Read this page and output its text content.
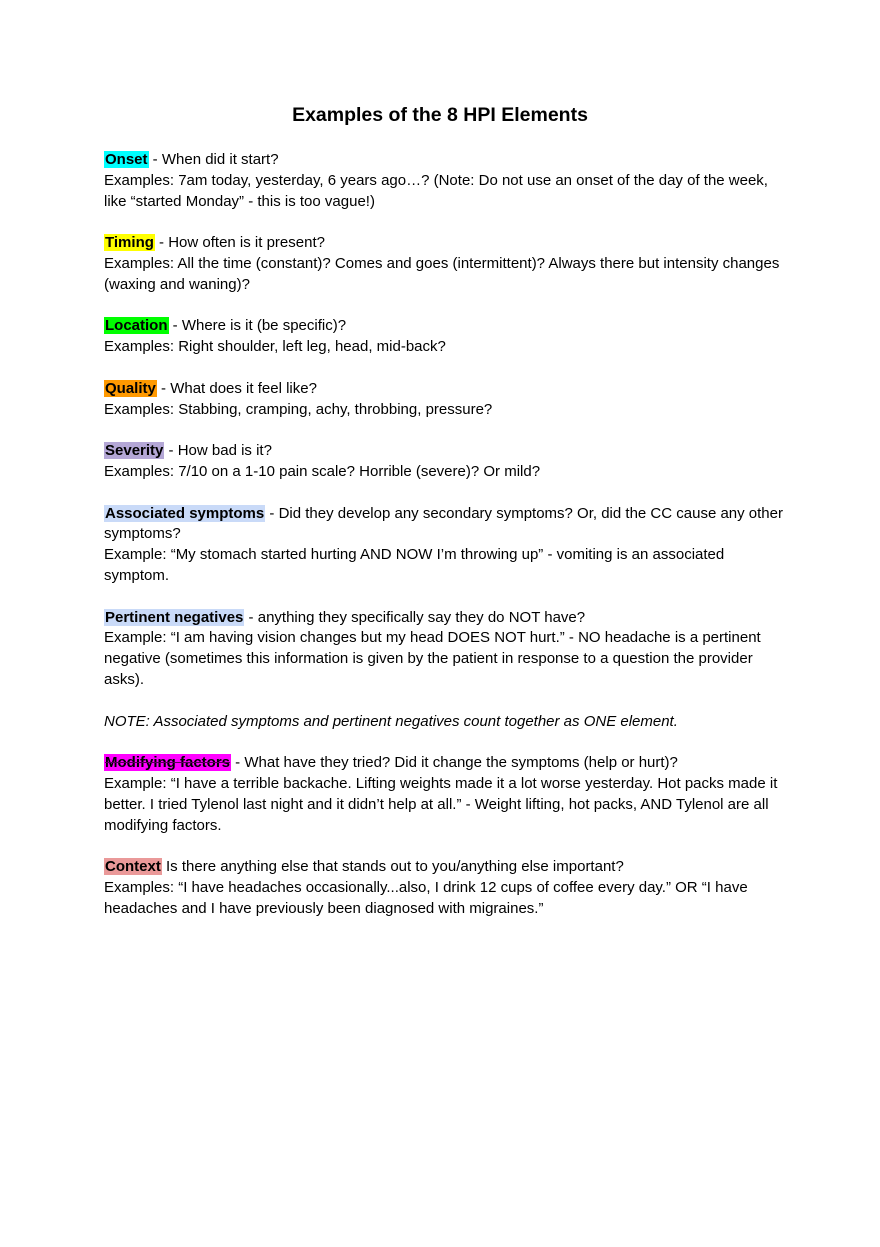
Examples of the 8 HPI Elements

Onset - When did it start?

Examples: 7am today, yesterday, 6 years ago…? (Note: Do not use an onset of the day of the week, like “started Monday” - this is too vague!)

Timing - How often is it present?

Examples: All the time (constant)? Comes and goes (intermittent)? Always there but intensity changes (waxing and waning)?

Location - Where is it (be specific)?

Examples: Right shoulder, left leg, head, mid-back?

Quality - What does it feel like?

Examples: Stabbing, cramping, achy, throbbing, pressure?

Severity - How bad is it?

Examples: 7/10 on a 1-10 pain scale? Horrible (severe)? Or mild?

Associated symptoms - Did they develop any secondary symptoms? Or, did the CC cause any other symptoms?

Example: “My stomach started hurting AND NOW I’m throwing up” - vomiting is an associated symptom.

Pertinent negatives - anything they specifically say they do NOT have?

Example: “I am having vision changes but my head DOES NOT hurt.” - NO headache is a pertinent negative (sometimes this information is given by the patient in response to a question the provider asks).

NOTE: Associated symptoms and pertinent negatives count together as ONE element.

Modifying factors - What have they tried? Did it change the symptoms (help or hurt)?

Example: “I have a terrible backache. Lifting weights made it a lot worse yesterday. Hot packs made it better. I tried Tylenol last night and it didn’t help at all.” - Weight lifting, hot packs, AND Tylenol are all modifying factors.

Context Is there anything else that stands out to you/anything else important?

Examples: “I have headaches occasionally...also, I drink 12 cups of coffee every day.” OR “I have headaches and I have previously been diagnosed with migraines.”
